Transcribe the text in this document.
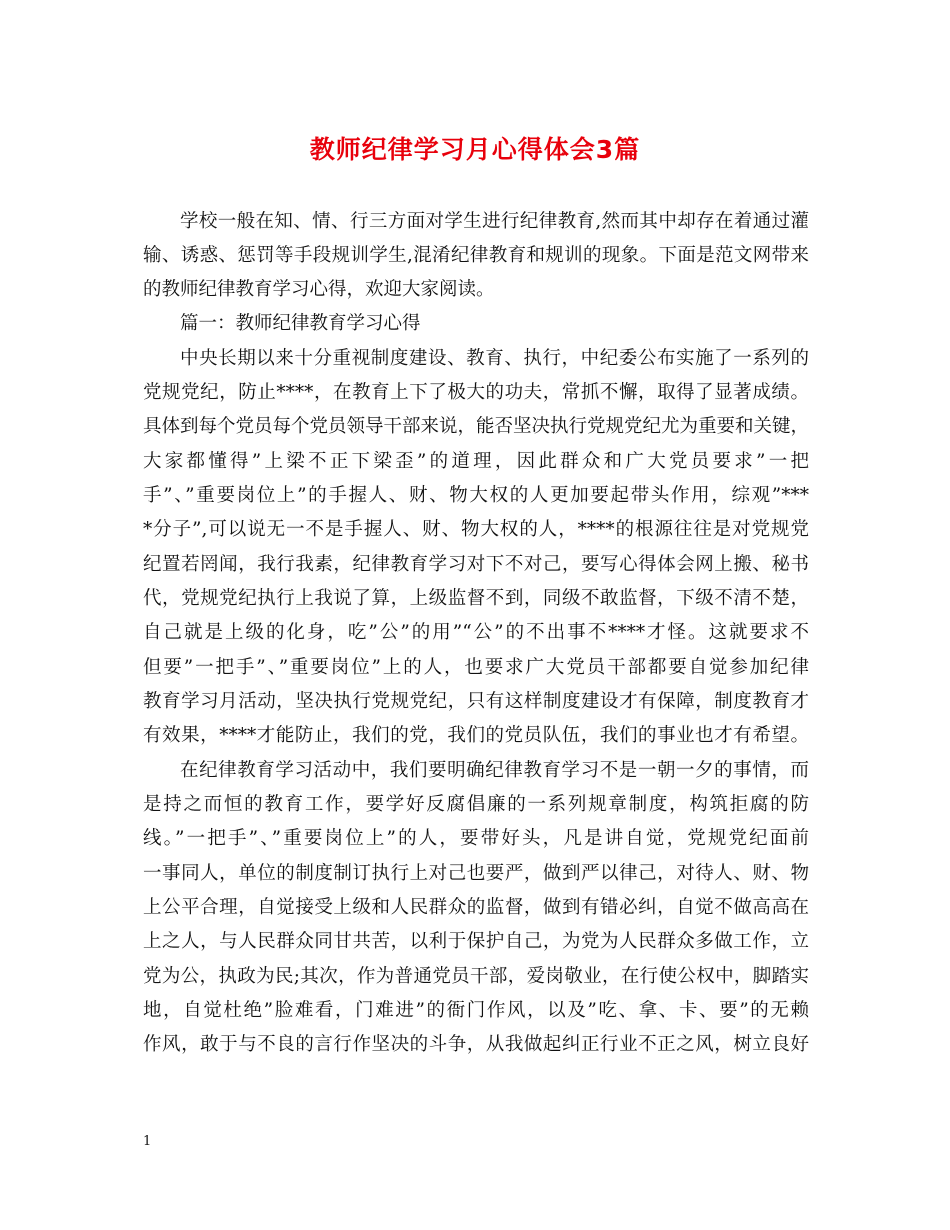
教师纪律学习月心得体会3篇
学校一般在知、情、行三方面对学生进行纪律教育,然而其中却存在着通过灌
输、诱惑、惩罚等手段规训学生,混淆纪律教育和规训的现象。下面是范文网带来
的教师纪律教育学习心得，欢迎大家阅读。
篇一：教师纪律教育学习心得
中央长期以来十分重视制度建设、教育、执行，中纪委公布实施了一系列的
党规党纪，防止****，在教育上下了极大的功夫，常抓不懈，取得了显著成绩。
具体到每个党员每个党员领导干部来说，能否坚决执行党规党纪尤为重要和关键，
大家都懂得”上梁不正下梁歪”的道理，因此群众和广大党员要求”一把
手”、”重要岗位上”的手握人、财、物大权的人更加要起带头作用，综观”***
*分子”,可以说无一不是手握人、财、物大权的人，****的根源往往是对党规党
纪置若罔闻，我行我素，纪律教育学习对下不对己，要写心得体会网上搬、秘书
代，党规党纪执行上我说了算，上级监督不到，同级不敢监督，下级不清不楚，
自己就是上级的化身，吃”公”的用”“公”的不出事不****才怪。这就要求不
但要”一把手”、”重要岗位”上的人，也要求广大党员干部都要自觉参加纪律
教育学习月活动，坚决执行党规党纪，只有这样制度建设才有保障，制度教育才
有效果，****才能防止，我们的党，我们的党员队伍，我们的事业也才有希望。
在纪律教育学习活动中，我们要明确纪律教育学习不是一朝一夕的事情，而
是持之而恒的教育工作，要学好反腐倡廉的一系列规章制度，构筑拒腐的防
线。”一把手”、”重要岗位上”的人，要带好头，凡是讲自觉，党规党纪面前
一事同人，单位的制度制订执行上对己也要严，做到严以律己，对待人、财、物
上公平合理，自觉接受上级和人民群众的监督，做到有错必纠，自觉不做高高在
上之人，与人民群众同甘共苦，以利于保护自己，为党为人民群众多做工作，立
党为公，执政为民;其次，作为普通党员干部，爱岗敬业，在行使公权中，脚踏实
地，自觉杜绝”脸难看，门难进”的衙门作风，以及”吃、拿、卡、要”的无赖
作风，敢于与不良的言行作坚决的斗争，从我做起纠正行业不正之风，树立良好
1
